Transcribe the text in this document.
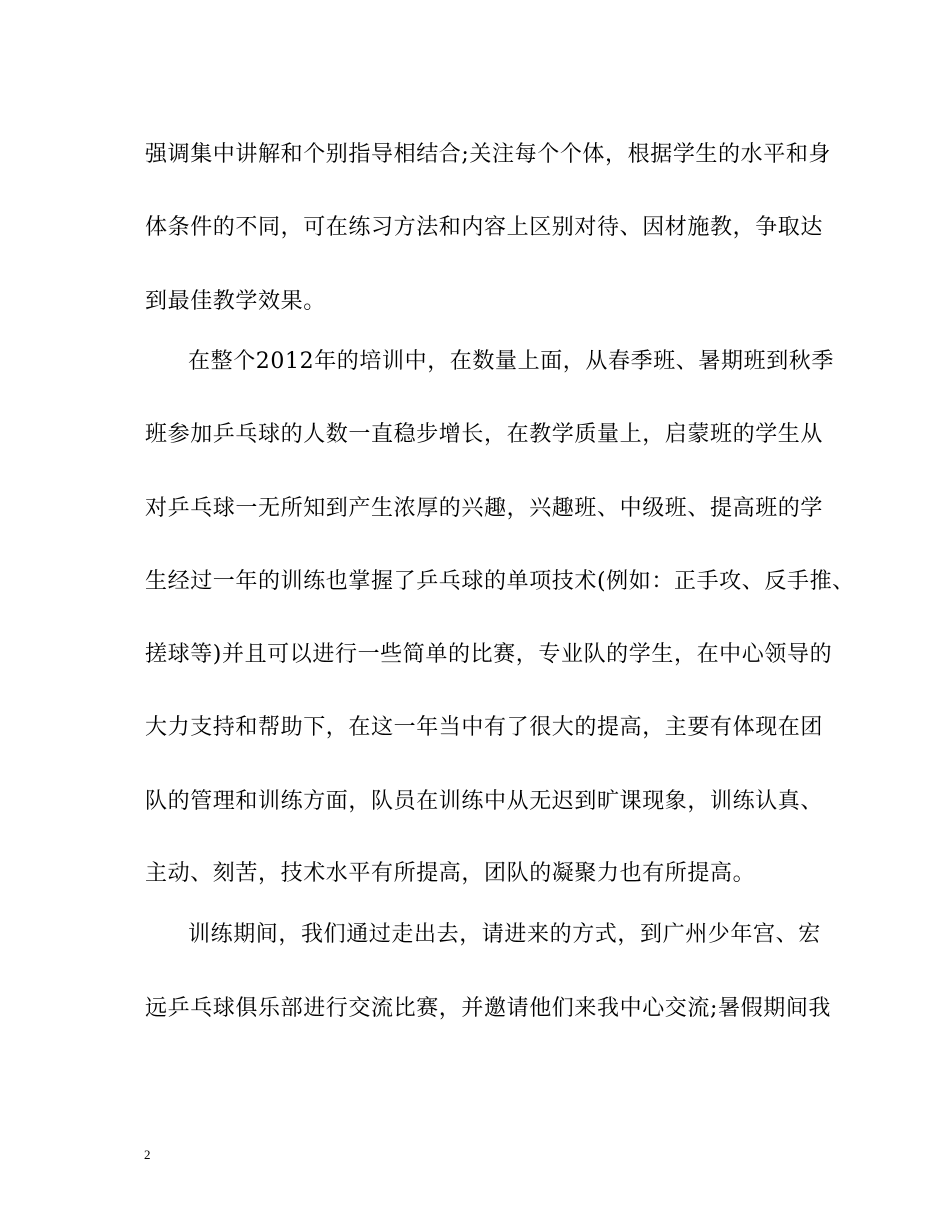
强调集中讲解和个别指导相结合;关注每个个体，根据学生的水平和身
体条件的不同，可在练习方法和内容上区别对待、因材施教，争取达
到最佳教学效果。
在整个2012年的培训中，在数量上面，从春季班、暑期班到秋季
班参加乒乓球的人数一直稳步增长，在教学质量上，启蒙班的学生从
对乒乓球一无所知到产生浓厚的兴趣，兴趣班、中级班、提高班的学
生经过一年的训练也掌握了乒乓球的单项技术(例如：正手攻、反手推、
搓球等)并且可以进行一些简单的比赛，专业队的学生，在中心领导的
大力支持和帮助下，在这一年当中有了很大的提高，主要有体现在团
队的管理和训练方面，队员在训练中从无迟到旷课现象，训练认真、
主动、刻苦，技术水平有所提高，团队的凝聚力也有所提高。
训练期间，我们通过走出去，请进来的方式，到广州少年宫、宏
远乒乓球俱乐部进行交流比赛，并邀请他们来我中心交流;暑假期间我
2
